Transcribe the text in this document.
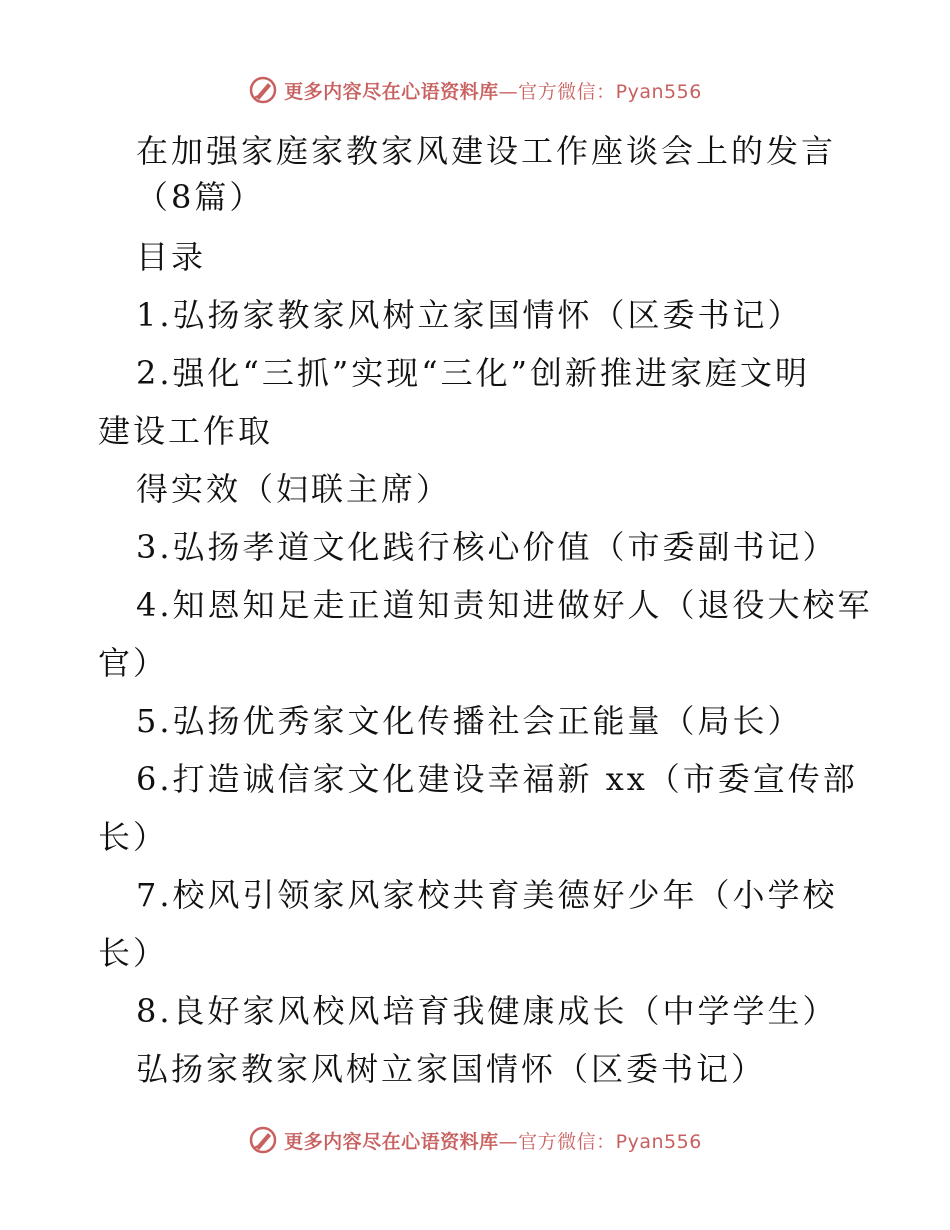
更多内容尽在心语资料库—官方微信：Pyan556
在加强家庭家教家风建设工作座谈会上的发言
（8篇）
目录
1.弘扬家教家风树立家国情怀（区委书记）
2.强化“三抓”实现“三化”创新推进家庭文明
建设工作取
得实效（妇联主席）
3.弘扬孝道文化践行核心价值（市委副书记）
4.知恩知足走正道知责知进做好人（退役大校军
官）
5.弘扬优秀家文化传播社会正能量（局长）
6.打造诚信家文化建设幸福新 xx（市委宣传部
长）
7.校风引领家风家校共育美德好少年（小学校
长）
8.良好家风校风培育我健康成长（中学学生）
弘扬家教家风树立家国情怀（区委书记）
更多内容尽在心语资料库—官方微信：Pyan556
